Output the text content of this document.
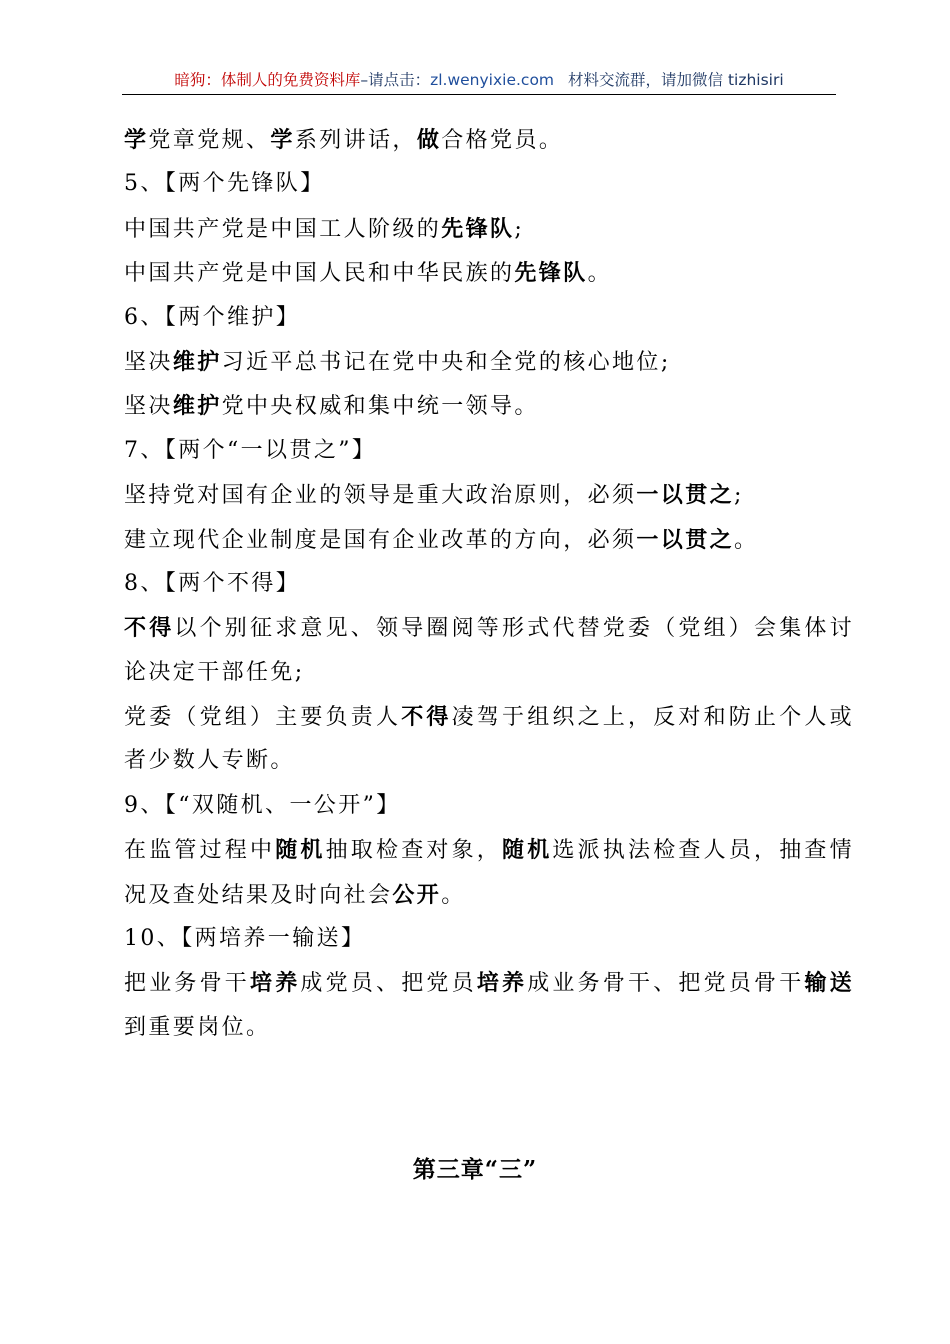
暗狗：体制人的免费资料库–请点击：zl.wenyixie.com 材料交流群，请加微信 tizhisiri
学党章党规、学系列讲话，做合格党员。
5、【两个先锋队】
中国共产党是中国工人阶级的先锋队;
中国共产党是中国人民和中华民族的先锋队。
6、【两个维护】
坚决维护习近平总书记在党中央和全党的核心地位;
坚决维护党中央权威和集中统一领导。
7、【两个“一以贯之”】
坚持党对国有企业的领导是重大政治原则，必须一以贯之;
建立现代企业制度是国有企业改革的方向，必须一以贯之。
8、【两个不得】
不得以个别征求意见、领导圈阅等形式代替党委（党组）会集体讨
论决定干部任免;
党委（党组）主要负责人不得凌驾于组织之上，反对和防止个人或
者少数人专断。
9、【“双随机、一公开”】
在监管过程中随机抽取检查对象，随机选派执法检查人员，抽查情
况及查处结果及时向社会公开。
10、【两培养一输送】
把业务骨干培养成党员、把党员培养成业务骨干、把党员骨干输送
到重要岗位。
第三章“三”
